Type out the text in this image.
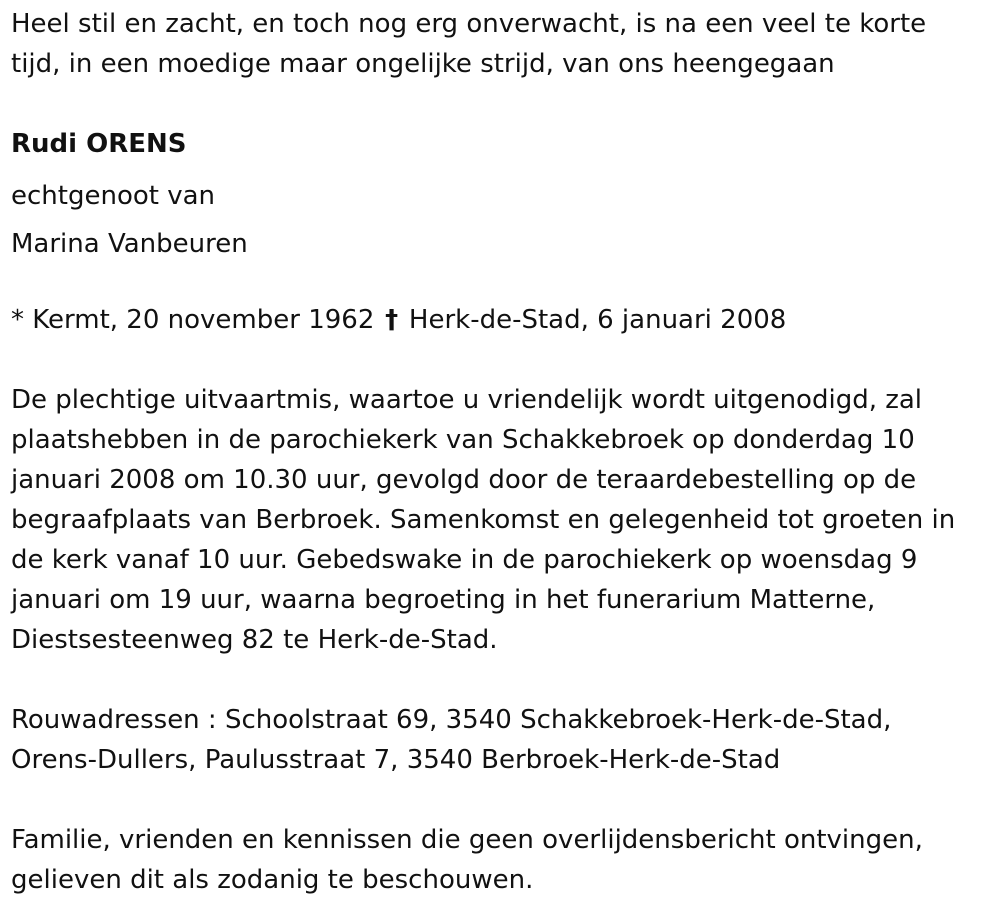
Heel stil en zacht, en toch nog erg onverwacht, is na een veel te korte
tijd, in een moedige maar ongelijke strijd, van ons heengegaan
Rudi ORENS
echtgenoot van
Marina Vanbeuren
* Kermt, 20 november 1962 † Herk-de-Stad, 6 januari 2008
De plechtige uitvaartmis, waartoe u vriendelijk wordt uitgenodigd, zal
plaatshebben in de parochiekerk van Schakkebroek op donderdag 10
januari 2008 om 10.30 uur, gevolgd door de teraardebestelling op de
begraafplaats van Berbroek. Samenkomst en gelegenheid tot groeten in
de kerk vanaf 10 uur. Gebedswake in de parochiekerk op woensdag 9
januari om 19 uur, waarna begroeting in het funerarium Matterne,
Diestsesteenweg 82 te Herk-de-Stad.
Rouwadressen : Schoolstraat 69, 3540 Schakkebroek-Herk-de-Stad,
Orens-Dullers, Paulusstraat 7, 3540 Berbroek-Herk-de-Stad
Familie, vrienden en kennissen die geen overlijdensbericht ontvingen,
gelieven dit als zodanig te beschouwen.
